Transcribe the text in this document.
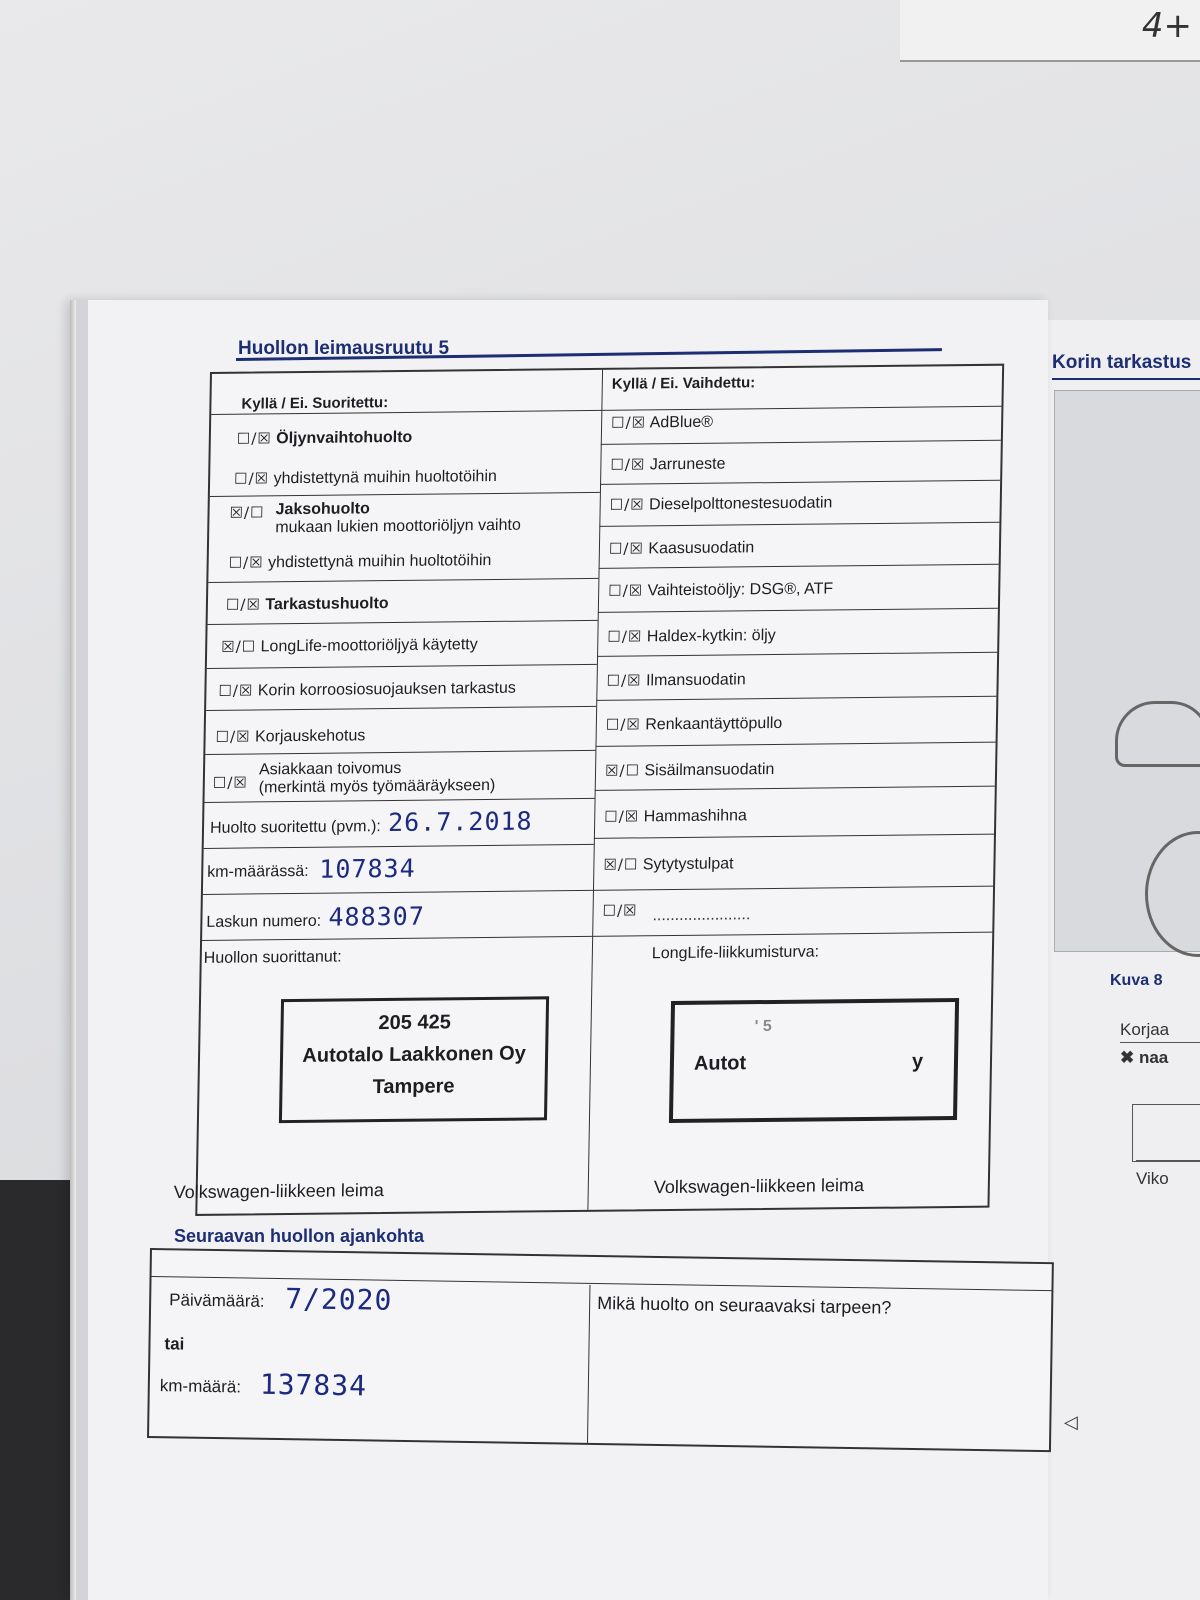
4+
Korin tarkastus
Kuva 8
Korjaa
✖ naa
Viko
Huollon leimausruutu 5
Kyllä / Ei. Suoritettu:
Kyllä / Ei. Vaihdettu:
☐/☒ Öljynvaihtohuolto
☐/☒ yhdistettynä muihin huoltotöihin
☒/☐ Jaksohuolto
mukaan lukien moottoriöljyn vaihto
☐/☒ yhdistettynä muihin huoltotöihin
☐/☒ Tarkastushuolto
☒/☐ LongLife-moottoriöljyä käytetty
☐/☒ Korin korroosiosuojauksen tarkastus
☐/☒ Korjauskehotus
☐/☒
Asiakkaan toivomus
(merkintä myös työmääräykseen)
Huolto suoritettu (pvm.): 26.7.2018
km-määrässä: 107834
Laskun numero: 488307
Huollon suorittanut:	LongLife-liikkumisturva:
☐/☒ AdBlue®
☐/☒ Jarruneste
☐/☒ Dieselpolttonestesuodatin
☐/☒ Kaasusuodatin
☐/☒ Vaihteistoöljy: DSG®, ATF
☐/☒ Haldex-kytkin: öljy
☐/☒ Ilmansuodatin
☐/☒ Renkaantäyttöpullo
☒/☐ Sisäilmansuodatin
☐/☒ Hammashihna
☒/☐ Sytytystulpat
☐/☒ ......................
205 425
Autotalo Laakkonen Oy
Tampere
' 5
Autot	y
Volkswagen-liikkeen leima	Volkswagen-liikkeen leima
Seuraavan huollon ajankohta
Päivämäärä: 7/2020
tai
km-määrä: 137834
Mikä huolto on seuraavaksi tarpeen?
◁
